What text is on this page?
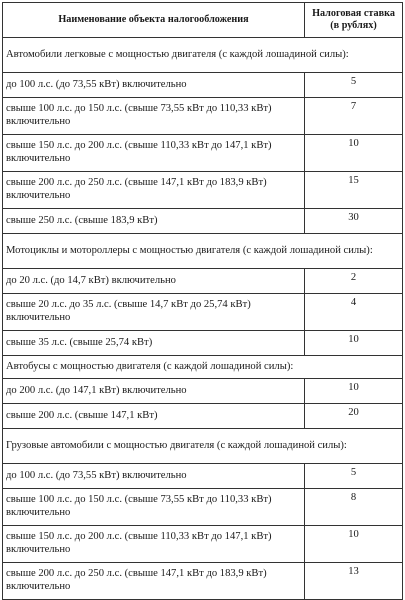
Наименование объекта налогообложения	Налоговая ставка
(в рублях)
Автомобили легковые с мощностью двигателя (с каждой лошадиной силы):	
до 100 л.с. (до 73,55 кВт) включительно	5
свыше 100 л.с. до 150 л.с. (свыше 73,55 кВт до 110,33 кВт) включительно	7
свыше 150 л.с. до 200 л.с. (свыше 110,33 кВт до 147,1 кВт) включительно	10
свыше 200 л.с. до 250 л.с. (свыше 147,1 кВт до 183,9 кВт) включительно	15
свыше 250 л.с. (свыше 183,9 кВт)	30
Мотоциклы и мотороллеры с мощностью двигателя (с каждой лошадиной силы):	
до 20 л.с. (до 14,7 кВт) включительно	2
свыше 20 л.с. до 35 л.с. (свыше 14,7 кВт до 25,74 кВт) включительно	4
свыше 35 л.с. (свыше 25,74 кВт)	10
Автобусы с мощностью двигателя (с каждой лошадиной силы):	
до 200 л.с. (до 147,1 кВт) включительно	10
свыше 200 л.с. (свыше 147,1 кВт)	20
Грузовые автомобили с мощностью двигателя (с каждой лошадиной силы):	
до 100 л.с. (до 73,55 кВт) включительно	5
свыше 100 л.с. до 150 л.с. (свыше 73,55 кВт до 110,33 кВт) включительно	8
свыше 150 л.с. до 200 л.с. (свыше 110,33 кВт до 147,1 кВт) включительно	10
свыше 200 л.с. до 250 л.с. (свыше 147,1 кВт до 183,9 кВт) включительно	13
